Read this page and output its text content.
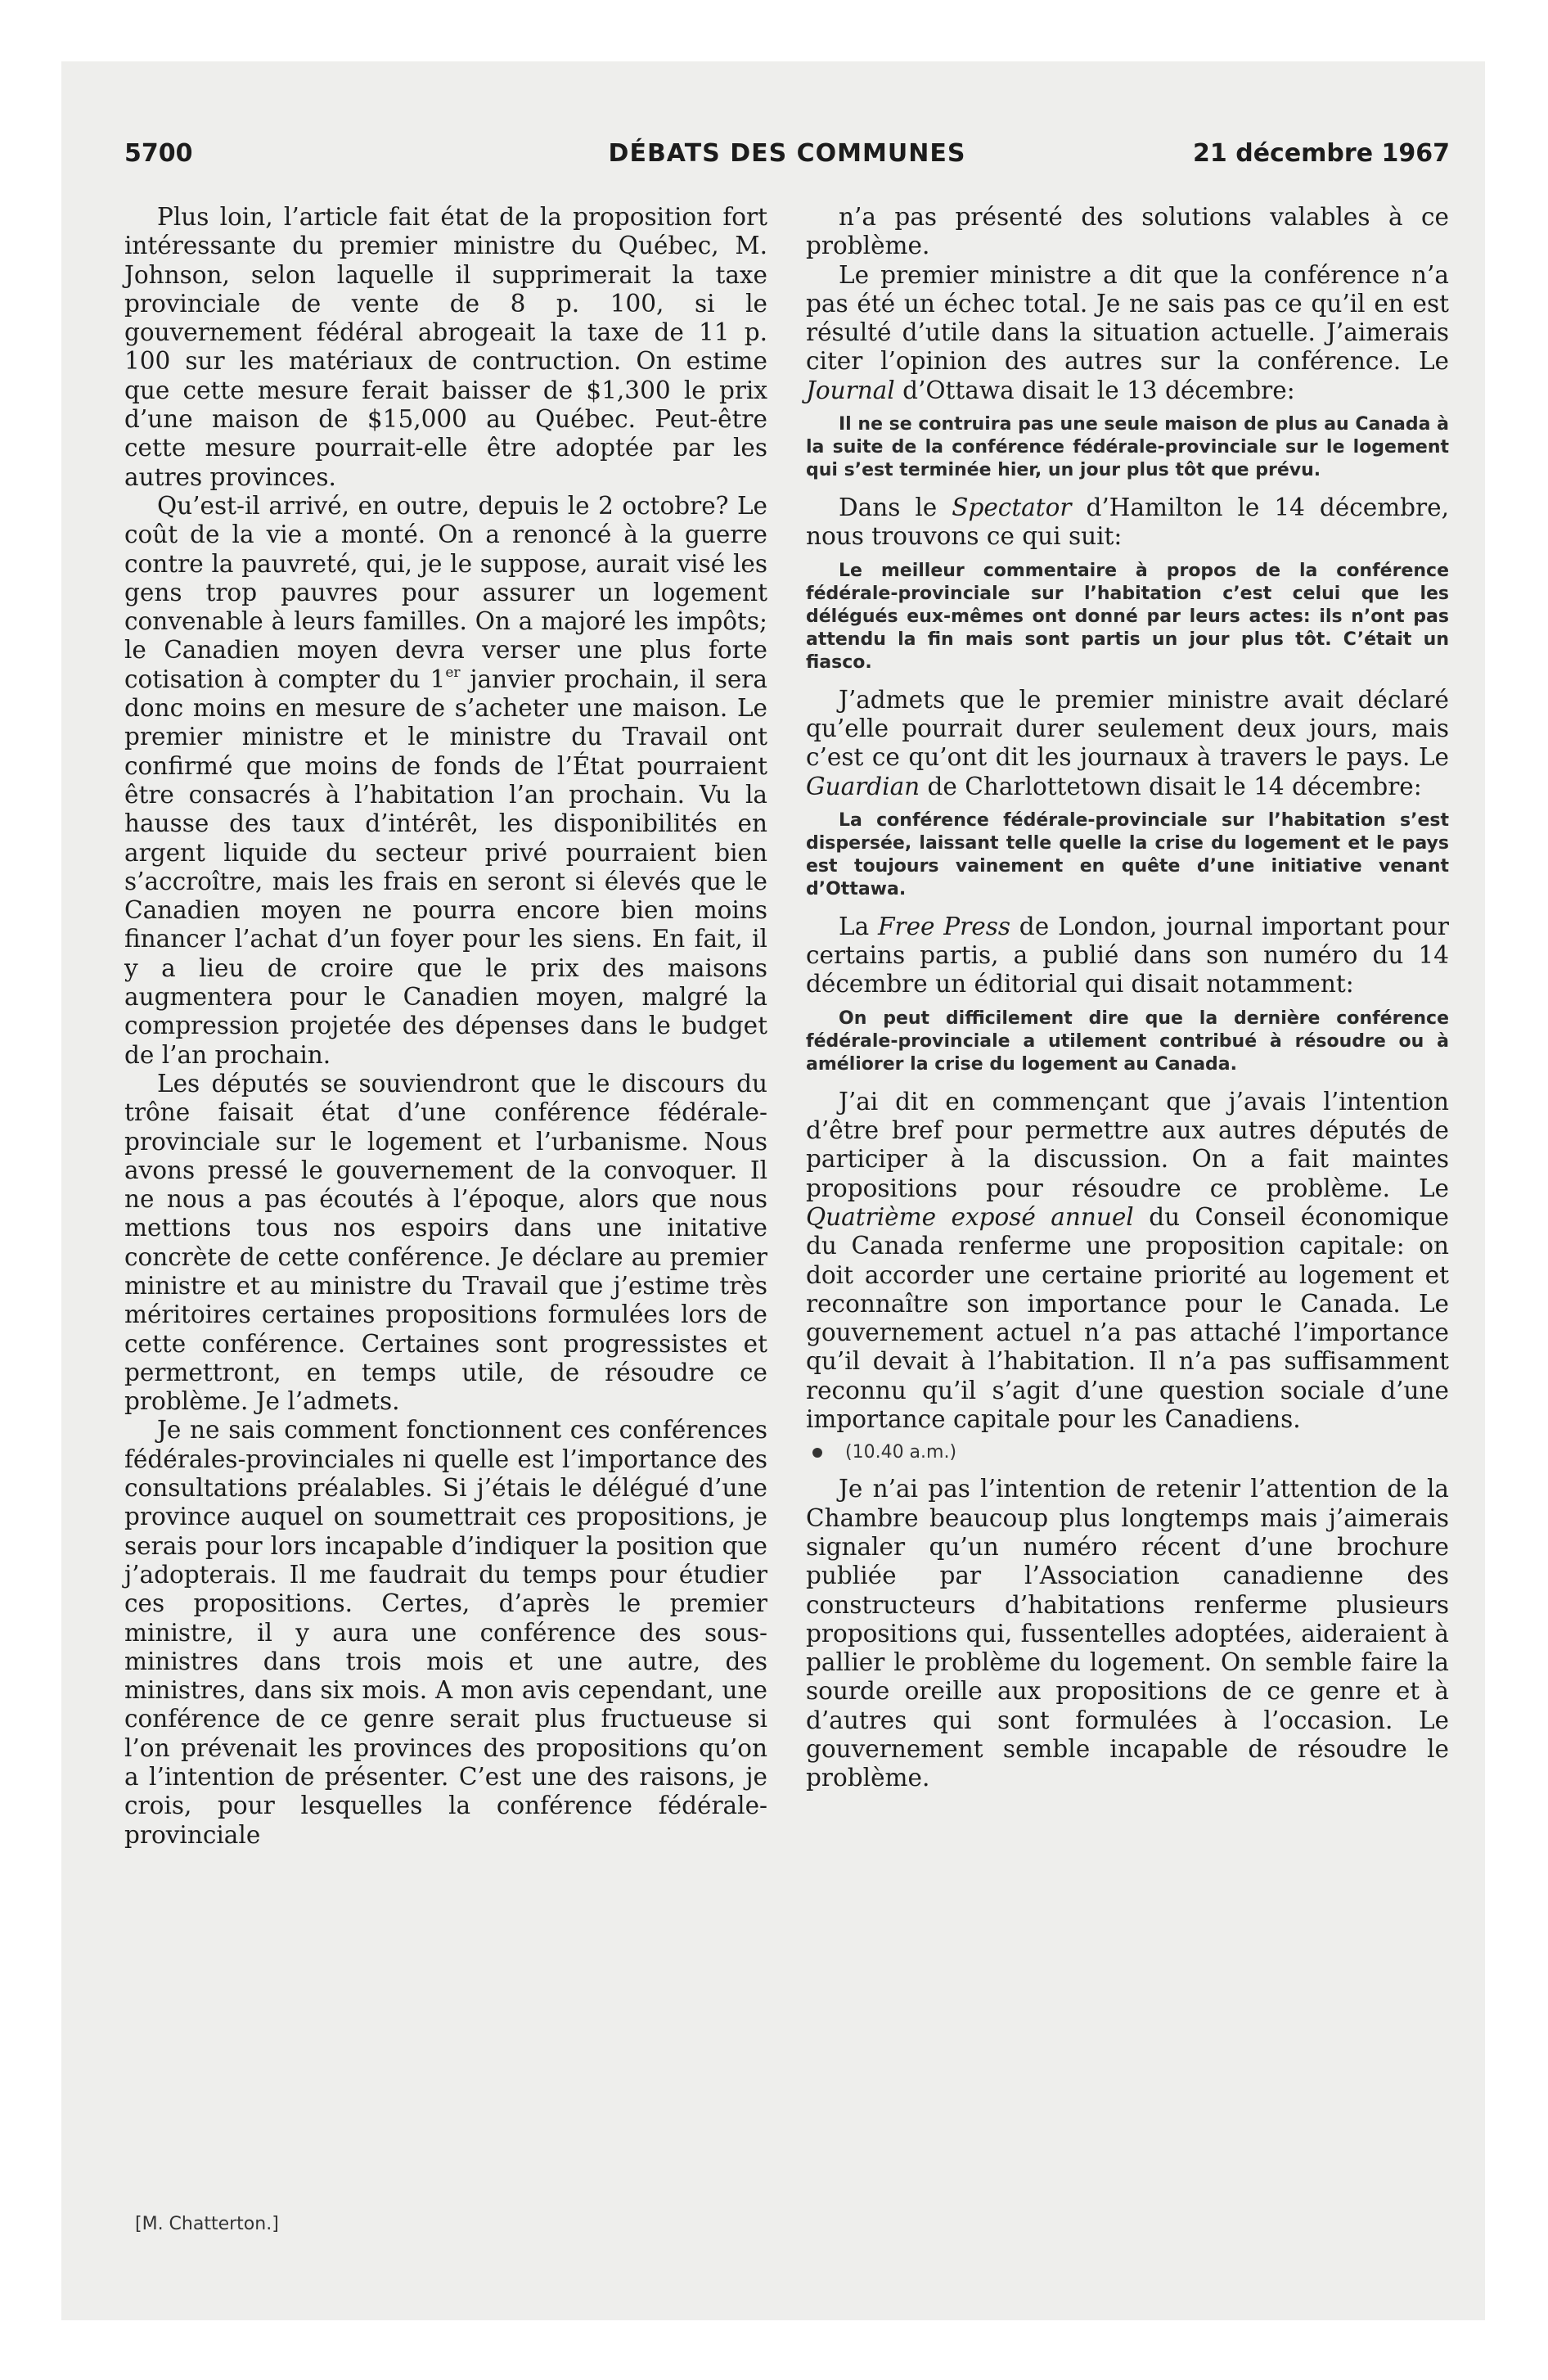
5700	DÉBATS DES COMMUNES	21 décembre 1967

Plus loin, l’article fait état de la proposition fort intéressante du premier ministre du Québec, M. Johnson, selon laquelle il supprimerait la taxe provinciale de vente de 8 p. 100, si le gouvernement fédéral abrogeait la taxe de 11 p. 100 sur les matériaux de contruction. On estime que cette mesure ferait baisser de $1,300 le prix d’une maison de $15,000 au Québec. Peut-être cette mesure pourrait-elle être adoptée par les autres provinces.

Qu’est-il arrivé, en outre, depuis le 2 octobre? Le coût de la vie a monté. On a renoncé à la guerre contre la pauvreté, qui, je le suppose, aurait visé les gens trop pauvres pour assurer un logement convenable à leurs familles. On a majoré les impôts; le Canadien moyen devra verser une plus forte cotisation à compter du 1er janvier prochain, il sera donc moins en mesure de s’acheter une maison. Le premier ministre et le ministre du Travail ont confirmé que moins de fonds de l’État pourraient être consacrés à l’habitation l’an prochain. Vu la hausse des taux d’intérêt, les disponibilités en argent liquide du secteur privé pourraient bien s’accroître, mais les frais en seront si élevés que le Canadien moyen ne pourra encore bien moins financer l’achat d’un foyer pour les siens. En fait, il y a lieu de croire que le prix des maisons augmentera pour le Canadien moyen, malgré la compression projetée des dépenses dans le budget de l’an prochain.

Les députés se souviendront que le discours du trône faisait état d’une conférence fédérale-provinciale sur le logement et l’urbanisme. Nous avons pressé le gouvernement de la convoquer. Il ne nous a pas écoutés à l’époque, alors que nous mettions tous nos espoirs dans une initative concrète de cette conférence. Je déclare au premier ministre et au ministre du Travail que j’estime très méritoires certaines propositions formulées lors de cette conférence. Certaines sont progressistes et permettront, en temps utile, de résoudre ce problème. Je l’admets.

Je ne sais comment fonctionnent ces conférences fédérales-provinciales ni quelle est l’importance des consultations préalables. Si j’étais le délégué d’une province auquel on soumettrait ces propositions, je serais pour lors incapable d’indiquer la position que j’adopterais. Il me faudrait du temps pour étudier ces propositions. Certes, d’après le premier ministre, il y aura une conférence des sous-ministres dans trois mois et une autre, des ministres, dans six mois. A mon avis cependant, une conférence de ce genre serait plus fructueuse si l’on prévenait les provinces des propositions qu’on a l’intention de présenter. C’est une des raisons, je crois, pour lesquelles la conférence fédérale-provinciale

n’a pas présenté des solutions valables à ce problème.

Le premier ministre a dit que la conférence n’a pas été un échec total. Je ne sais pas ce qu’il en est résulté d’utile dans la situation actuelle. J’aimerais citer l’opinion des autres sur la conférence. Le Journal d’Ottawa disait le 13 décembre:

Il ne se contruira pas une seule maison de plus au Canada à la suite de la conférence fédérale-provinciale sur le logement qui s’est terminée hier, un jour plus tôt que prévu.

Dans le Spectator d’Hamilton le 14 décembre, nous trouvons ce qui suit:

Le meilleur commentaire à propos de la conférence fédérale-provinciale sur l’habitation c’est celui que les délégués eux-mêmes ont donné par leurs actes: ils n’ont pas attendu la fin mais sont partis un jour plus tôt. C’était un fiasco.

J’admets que le premier ministre avait déclaré qu’elle pourrait durer seulement deux jours, mais c’est ce qu’ont dit les journaux à travers le pays. Le Guardian de Charlottetown disait le 14 décembre:

La conférence fédérale-provinciale sur l’habitation s’est dispersée, laissant telle quelle la crise du logement et le pays est toujours vainement en quête d’une initiative venant d’Ottawa.

La Free Press de London, journal important pour certains partis, a publié dans son numéro du 14 décembre un éditorial qui disait notamment:

On peut difficilement dire que la dernière conférence fédérale-provinciale a utilement contribué à résoudre ou à améliorer la crise du logement au Canada.

J’ai dit en commençant que j’avais l’intention d’être bref pour permettre aux autres députés de participer à la discussion. On a fait maintes propositions pour résoudre ce problème. Le Quatrième exposé annuel du Conseil économique du Canada renferme une proposition capitale: on doit accorder une certaine priorité au logement et reconnaître son importance pour le Canada. Le gouvernement actuel n’a pas attaché l’importance qu’il devait à l’habitation. Il n’a pas suffisamment reconnu qu’il s’agit d’une question sociale d’une importance capitale pour les Canadiens.

(10.40 a.m.)

Je n’ai pas l’intention de retenir l’attention de la Chambre beaucoup plus longtemps mais j’aimerais signaler qu’un numéro récent d’une brochure publiée par l’Association canadienne des constructeurs d’habitations renferme plusieurs propositions qui, fussentelles adoptées, aideraient à pallier le problème du logement. On semble faire la sourde oreille aux propositions de ce genre et à d’autres qui sont formulées à l’occasion. Le gouvernement semble incapable de résoudre le problème.

[M. Chatterton.]
